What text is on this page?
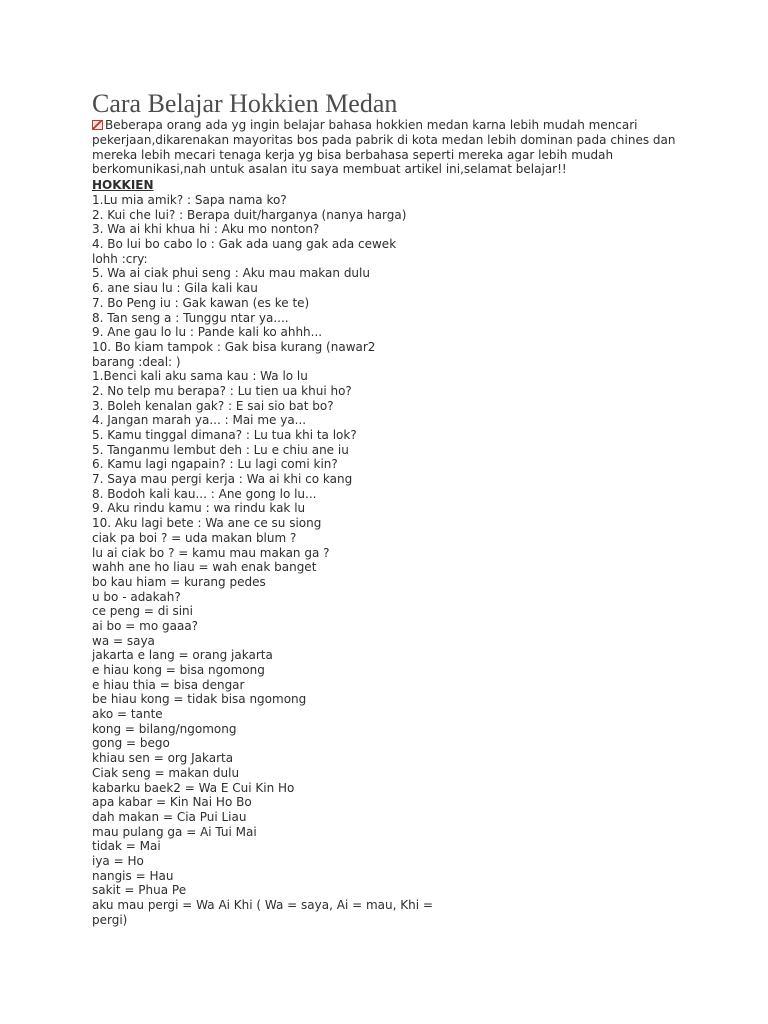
Cara Belajar Hokkien Medan

Beberapa orang ada yg ingin belajar bahasa hokkien medan karna lebih mudah mencari pekerjaan,dikarenakan mayoritas bos pada pabrik di kota medan lebih dominan pada chines dan mereka lebih mecari tenaga kerja yg bisa berbahasa seperti mereka agar lebih mudah berkomunikasi,nah untuk asalan itu saya membuat artikel ini,selamat belajar!!

HOKKIEN
1.Lu mia amik? : Sapa nama ko?
2. Kui che lui? : Berapa duit/harganya (nanya harga)
3. Wa ai khi khua hi : Aku mo nonton?
4. Bo lui bo cabo lo : Gak ada uang gak ada cewek
lohh :cry:
5. Wa ai ciak phui seng : Aku mau makan dulu
6. ane siau lu : Gila kali kau
7. Bo Peng iu : Gak kawan (es ke te)
8. Tan seng a : Tunggu ntar ya....
9. Ane gau lo lu : Pande kali ko ahhh...
10. Bo kiam tampok : Gak bisa kurang (nawar2
barang :deal: )
1.Benci kali aku sama kau : Wa lo lu
2. No telp mu berapa? : Lu tien ua khui ho?
3. Boleh kenalan gak? : E sai sio bat bo?
4. Jangan marah ya... : Mai me ya...
5. Kamu tinggal dimana? : Lu tua khi ta lok?
5. Tanganmu lembut deh : Lu e chiu ane iu
6. Kamu lagi ngapain? : Lu lagi comi kin?
7. Saya mau pergi kerja : Wa ai khi co kang
8. Bodoh kali kau... : Ane gong lo lu...
9. Aku rindu kamu : wa rindu kak lu
10. Aku lagi bete : Wa ane ce su siong
ciak pa boi ? = uda makan blum ?
lu ai ciak bo ? = kamu mau makan ga ?
wahh ane ho liau = wah enak banget
bo kau hiam = kurang pedes
u bo - adakah?
ce peng = di sini
ai bo = mo gaaa?
wa = saya
jakarta e lang = orang jakarta
e hiau kong = bisa ngomong
e hiau thia = bisa dengar
be hiau kong = tidak bisa ngomong
ako = tante
kong = bilang/ngomong
gong = bego
khiau sen = org Jakarta
Ciak seng = makan dulu
kabarku baek2 = Wa E Cui Kin Ho
apa kabar = Kin Nai Ho Bo
dah makan = Cia Pui Liau
mau pulang ga = Ai Tui Mai
tidak = Mai
iya = Ho
nangis = Hau
sakit = Phua Pe
aku mau pergi = Wa Ai Khi ( Wa = saya, Ai = mau, Khi =
pergi)
